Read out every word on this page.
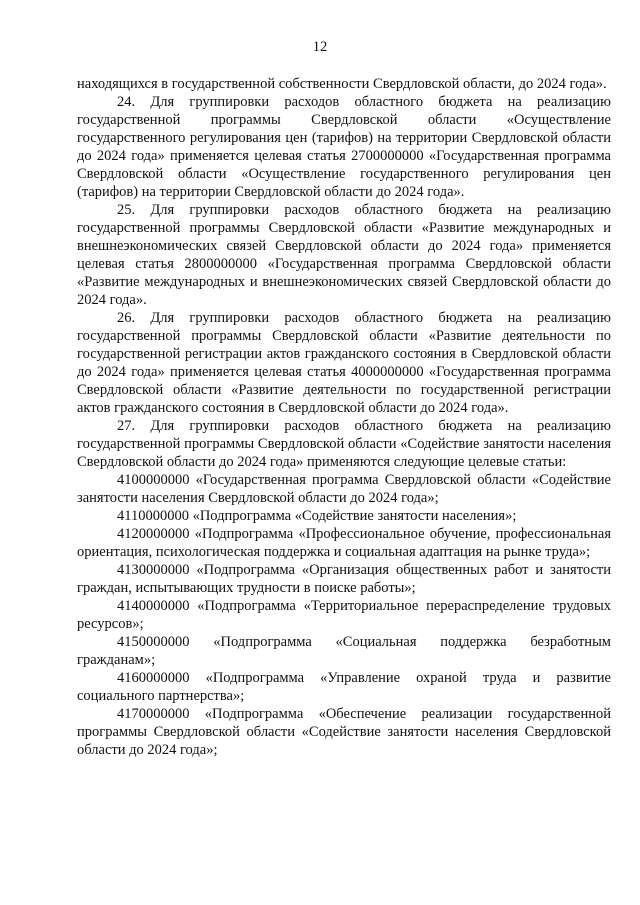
12

находящихся в государственной собственности Свердловской области, до 2024 года».

24. Для группировки расходов областного бюджета на реализацию государственной программы Свердловской области «Осуществление государственного регулирования цен (тарифов) на территории Свердловской области до 2024 года» применяется целевая статья 2700000000 «Государственная программа Свердловской области «Осуществление государственного регулирования цен (тарифов) на территории Свердловской области до 2024 года».

25. Для группировки расходов областного бюджета на реализацию государственной программы Свердловской области «Развитие международных и внешнеэкономических связей Свердловской области до 2024 года» применяется целевая статья 2800000000 «Государственная программа Свердловской области «Развитие международных и внешнеэкономических связей Свердловской области до 2024 года».

26. Для группировки расходов областного бюджета на реализацию государственной программы Свердловской области «Развитие деятельности по государственной регистрации актов гражданского состояния в Свердловской области до 2024 года» применяется целевая статья 4000000000 «Государственная программа Свердловской области «Развитие деятельности по государственной регистрации актов гражданского состояния в Свердловской области до 2024 года».

27. Для группировки расходов областного бюджета на реализацию государственной программы Свердловской области «Содействие занятости населения Свердловской области до 2024 года» применяются следующие целевые статьи:

4100000000 «Государственная программа Свердловской области «Содействие занятости населения Свердловской области до 2024 года»;

4110000000 «Подпрограмма «Содействие занятости населения»;

4120000000 «Подпрограмма «Профессиональное обучение, профессиональная ориентация, психологическая поддержка и социальная адаптация на рынке труда»;

4130000000 «Подпрограмма «Организация общественных работ и занятости граждан, испытывающих трудности в поиске работы»;

4140000000 «Подпрограмма «Территориальное перераспределение трудовых ресурсов»;

4150000000 «Подпрограмма «Социальная поддержка безработным гражданам»;

4160000000 «Подпрограмма «Управление охраной труда и развитие социального партнерства»;

4170000000 «Подпрограмма «Обеспечение реализации государственной программы Свердловской области «Содействие занятости населения Свердловской области до 2024 года»;
